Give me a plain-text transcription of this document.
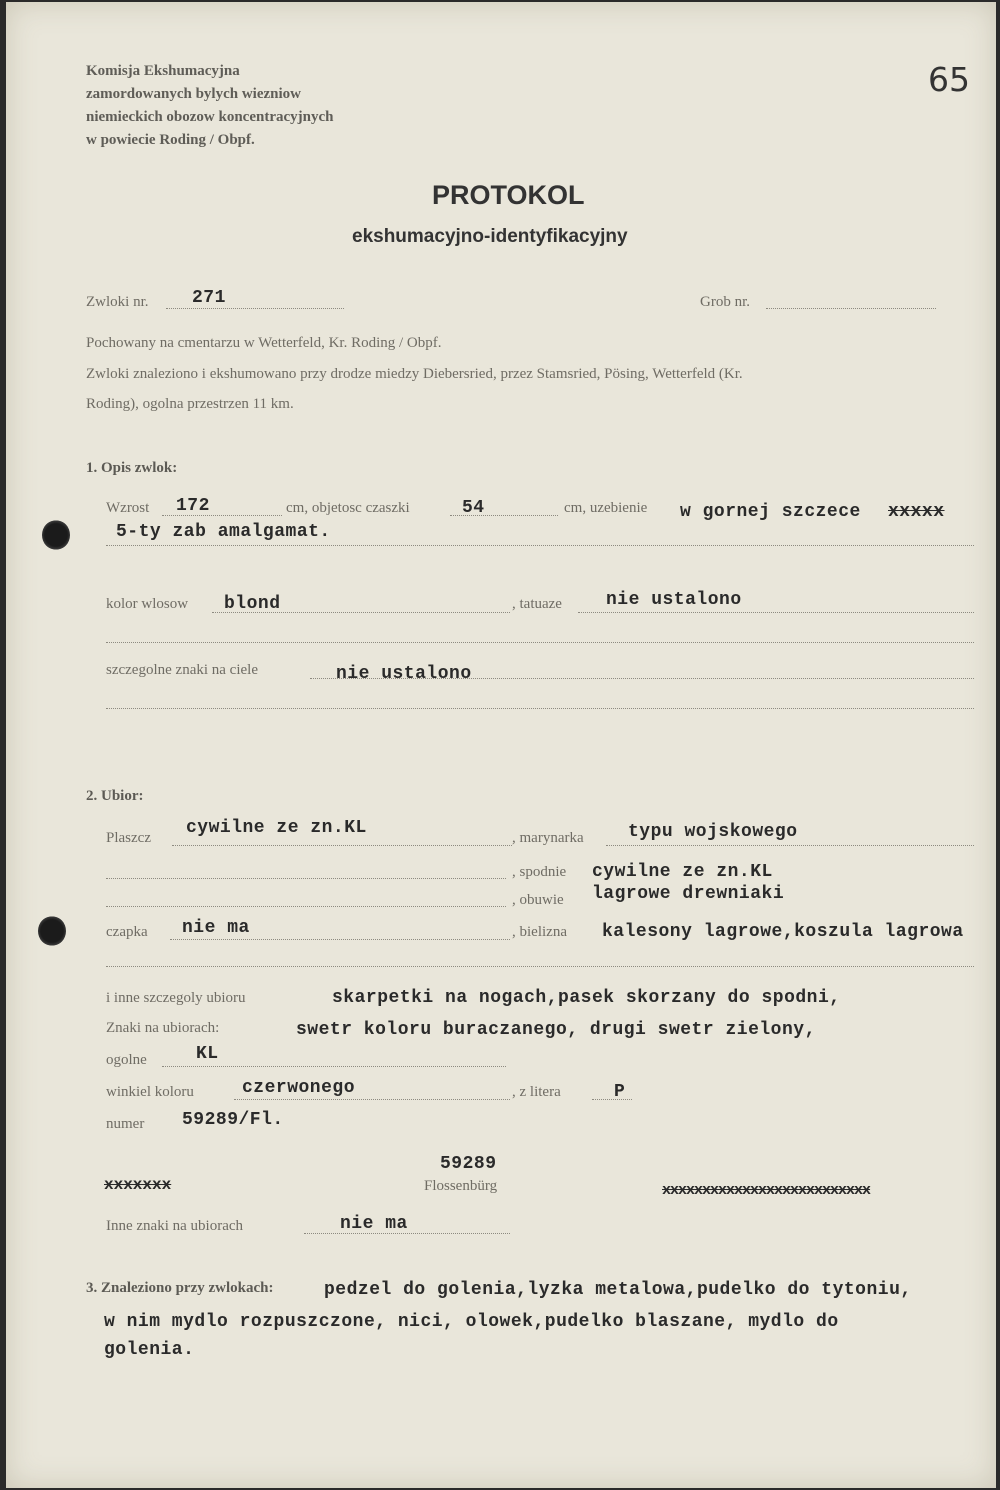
Komisja Ekshumacyjna
zamordowanych bylych wiezniow
niemieckich obozow koncentracyjnych
w powiecie Roding / Obpf.
65
PROTOKOL
ekshumacyjno-identyfikacyjny
Zwloki nr. 271	Grob nr.
Pochowany na cmentarzu w Wetterfeld, Kr. Roding / Obpf.
Zwloki znaleziono i ekshumowano przy drodze miedzy Diebersried, przez Stamsried, Pösing, Wetterfeld (Kr.
Roding), ogolna przestrzen 11 km.
1. Opis zwlok:
Wzrost 172	cm, objetosc czaszki	54	cm, uzebienie w gornej szczece xxxxx
5-ty zab amalgamat.
kolor wlosow blond	, tatuaze nie ustalono
szczegolne znaki na ciele	nie ustalono
2. Ubior:
Plaszcz cywilne ze zn.KL	, marynarka typu wojskowego
, spodnie cywilne ze zn.KL
, obuwie lagrowe drewniaki
czapka nie ma	, bielizna kalesony lagrowe,koszula lagrowa
i inne szczegoly ubioru	skarpetki na nogach,pasek skorzany do spodni,
Znaki na ubiorach:	swetr koloru buraczanego, drugi swetr zielony,
ogolne	KL
winkiel koloru	czerwonego	, z litera	P
numer 59289/Fl.
59289
Flossenbürg
xxxxxxx	xxxxxxxxxxxxxxxxxxxxxxxxxx
Inne znaki na ubiorach	nie ma
3. Znaleziono przy zwlokach:	pedzel do golenia,lyzka metalowa,pudelko do tytoniu,
w nim mydlo rozpuszczone, nici, olowek,pudelko blaszane, mydlo do
golenia.
